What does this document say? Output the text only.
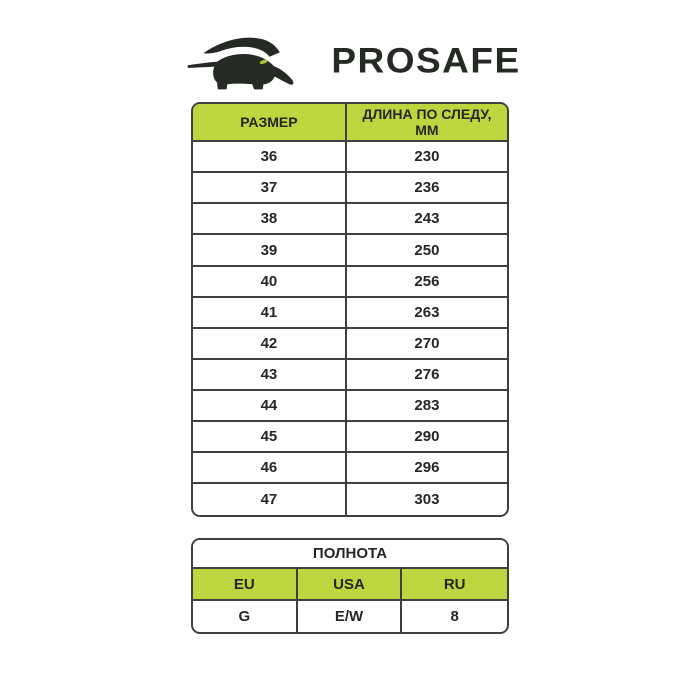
PROSAFE
РАЗМЕР	ДЛИНА ПО СЛЕДУ, ММ
36	230
37	236
38	243
39	250
40	256
41	263
42	270
43	276
44	283
45	290
46	296
47	303
ПОЛНОТА		
EU	USA	RU
G	E/W	8
